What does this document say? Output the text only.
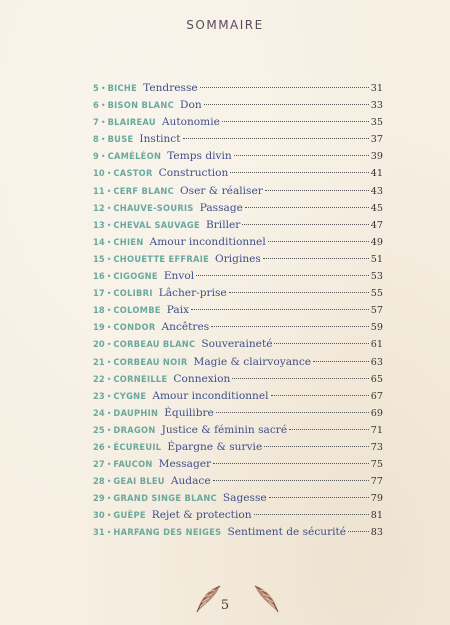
SOMMAIRE
5 • BICHE Tendresse	31
6 • BISON BLANC Don	33
7 • BLAIREAU Autonomie	35
8 • BUSE Instinct	37
9 • CAMÉLÉON Temps divin	39
10 • CASTOR Construction	41
11 • CERF BLANC Oser & réaliser	43
12 • CHAUVE-SOURIS Passage	45
13 • CHEVAL SAUVAGE Briller	47
14 • CHIEN Amour inconditionnel	49
15 • CHOUETTE EFFRAIE Origines	51
16 • CIGOGNE Envol	53
17 • COLIBRI Lâcher-prise	55
18 • COLOMBE Paix	57
19 • CONDOR Ancêtres	59
20 • CORBEAU BLANC Souveraineté	61
21 • CORBEAU NOIR Magie & clairvoyance	63
22 • CORNEILLE Connexion	65
23 • CYGNE Amour inconditionnel	67
24 • DAUPHIN Équilibre	69
25 • DRAGON Justice & féminin sacré	71
26 • ÉCUREUIL Épargne & survie	73
27 • FAUCON Messager	75
28 • GEAI BLEU Audace	77
29 • GRAND SINGE BLANC Sagesse	79
30 • GUÊPE Rejet & protection	81
31 • HARFANG DES NEIGES Sentiment de sécurité	83
5
